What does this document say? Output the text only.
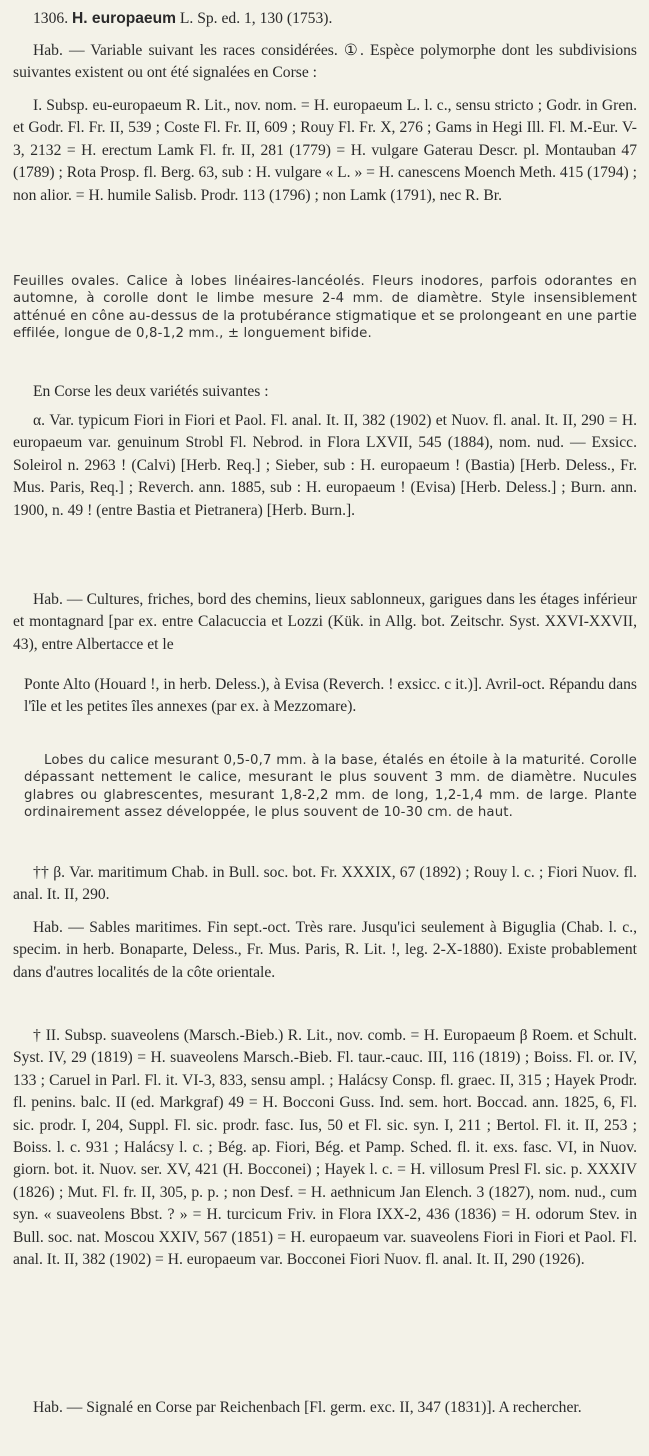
1306. H. europaeum L. Sp. ed. 1, 130 (1753).
Hab. — Variable suivant les races considérées. ①. Espèce polymorphe dont les subdivisions suivantes existent ou ont été signalées en Corse :
I. Subsp. eu-europaeum R. Lit., nov. nom. = H. europaeum L. l. c., sensu stricto ; Godr. in Gren. et Godr. Fl. Fr. II, 539 ; Coste Fl. Fr. II, 609 ; Rouy Fl. Fr. X, 276 ; Gams in Hegi Ill. Fl. M.-Eur. V-3, 2132 = H. erectum Lamk Fl. fr. II, 281 (1779) = H. vulgare Gaterau Descr. pl. Montauban 47 (1789) ; Rota Prosp. fl. Berg. 63, sub : H. vulgare « L. » = H. canescens Moench Meth. 415 (1794) ; non alior. = H. humile Salisb. Prodr. 113 (1796) ; non Lamk (1791), nec R. Br.
Feuilles ovales. Calice à lobes linéaires-lancéolés. Fleurs inodores, parfois odorantes en automne, à corolle dont le limbe mesure 2-4 mm. de diamètre. Style insensiblement atténué en cône au-dessus de la protubérance stigmatique et se prolongeant en une partie effilée, longue de 0,8-1,2 mm., ± longuement bifide.
En Corse les deux variétés suivantes :
α. Var. typicum Fiori in Fiori et Paol. Fl. anal. It. II, 382 (1902) et Nuov. fl. anal. It. II, 290 = H. europaeum var. genuinum Strobl Fl. Nebrod. in Flora LXVII, 545 (1884), nom. nud. — Exsicc. Soleirol n. 2963 ! (Calvi) [Herb. Req.] ; Sieber, sub : H. europaeum ! (Bastia) [Herb. Deless., Fr. Mus. Paris, Req.] ; Reverch. ann. 1885, sub : H. europaeum ! (Evisa) [Herb. Deless.] ; Burn. ann. 1900, n. 49 ! (entre Bastia et Pietranera) [Herb. Burn.].
Hab. — Cultures, friches, bord des chemins, lieux sablonneux, garigues dans les étages inférieur et montagnard [par ex. entre Calacuccia et Lozzi (Kük. in Allg. bot. Zeitschr. Syst. XXVI-XXVII, 43), entre Albertacce et le
Ponte Alto (Houard !, in herb. Deless.), à Evisa (Reverch. ! exsicc. c it.)]. Avril-oct. Répandu dans l'île et les petites îles annexes (par ex. à Mezzomare).
Lobes du calice mesurant 0,5-0,7 mm. à la base, étalés en étoile à la maturité. Corolle dépassant nettement le calice, mesurant le plus souvent 3 mm. de diamètre. Nucules glabres ou glabrescentes, mesurant 1,8-2,2 mm. de long, 1,2-1,4 mm. de large. Plante ordinairement assez développée, le plus souvent de 10-30 cm. de haut.
†† β. Var. maritimum Chab. in Bull. soc. bot. Fr. XXXIX, 67 (1892) ; Rouy l. c. ; Fiori Nuov. fl. anal. It. II, 290.
Hab. — Sables maritimes. Fin sept.-oct. Très rare. Jusqu'ici seulement à Biguglia (Chab. l. c., specim. in herb. Bonaparte, Deless., Fr. Mus. Paris, R. Lit. !, leg. 2-X-1880). Existe probablement dans d'autres localités de la côte orientale.
† II. Subsp. suaveolens (Marsch.-Bieb.) R. Lit., nov. comb. = H. Europaeum β Roem. et Schult. Syst. IV, 29 (1819) = H. suaveolens Marsch.-Bieb. Fl. taur.-cauc. III, 116 (1819) ; Boiss. Fl. or. IV, 133 ; Caruel in Parl. Fl. it. VI-3, 833, sensu ampl. ; Halácsy Consp. fl. graec. II, 315 ; Hayek Prodr. fl. penins. balc. II (ed. Markgraf) 49 = H. Bocconi Guss. Ind. sem. hort. Boccad. ann. 1825, 6, Fl. sic. prodr. I, 204, Suppl. Fl. sic. prodr. fasc. Ius, 50 et Fl. sic. syn. I, 211 ; Bertol. Fl. it. II, 253 ; Boiss. l. c. 931 ; Halácsy l. c. ; Bég. ap. Fiori, Bég. et Pamp. Sched. fl. it. exs. fasc. VI, in Nuov. giorn. bot. it. Nuov. ser. XV, 421 (H. Bocconei) ; Hayek l. c. = H. villosum Presl Fl. sic. p. XXXIV (1826) ; Mut. Fl. fr. II, 305, p. p. ; non Desf. = H. aethnicum Jan Elench. 3 (1827), nom. nud., cum syn. « suaveolens Bbst. ? » = H. turcicum Friv. in Flora IXX-2, 436 (1836) = H. odorum Stev. in Bull. soc. nat. Moscou XXIV, 567 (1851) = H. europaeum var. suaveolens Fiori in Fiori et Paol. Fl. anal. It. II, 382 (1902) = H. europaeum var. Bocconei Fiori Nuov. fl. anal. It. II, 290 (1926).
Hab. — Signalé en Corse par Reichenbach [Fl. germ. exc. II, 347 (1831)]. A rechercher.
